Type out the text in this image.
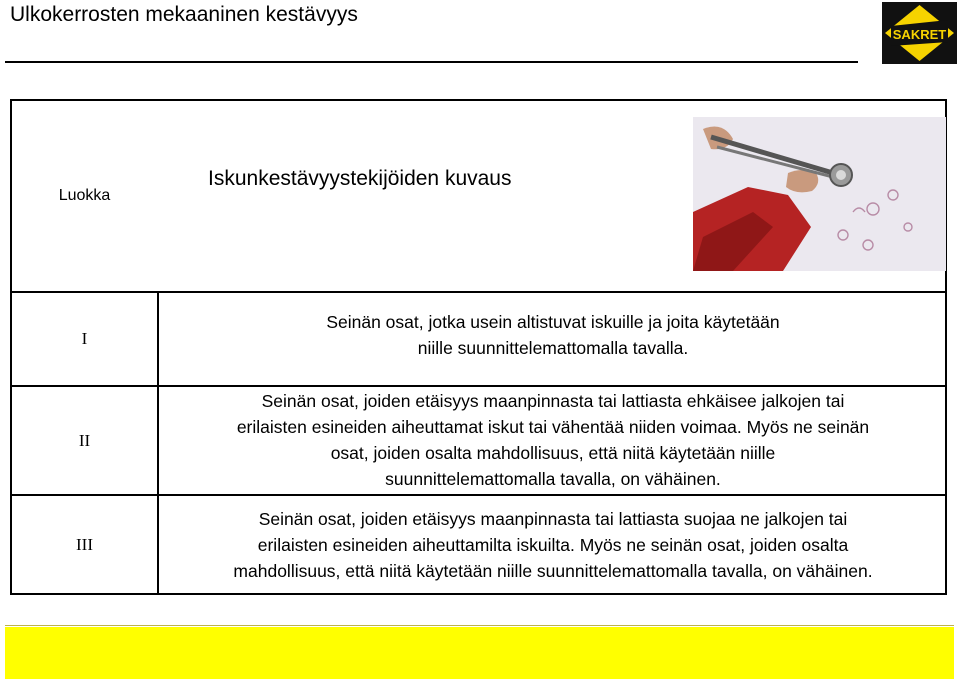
Ulkokerrosten mekaaninen kestävyys
SAKRET
Luokka
Iskunkestävyystekijöiden kuvaus
I
Seinän osat, jotka usein altistuvat iskuille ja joita käytetään
niille suunnittelemattomalla tavalla.
II
Seinän osat, joiden etäisyys maanpinnasta tai lattiasta ehkäisee jalkojen tai
erilaisten esineiden aiheuttamat iskut tai vähentää niiden voimaa. Myös ne seinän
osat, joiden osalta mahdollisuus, että niitä käytetään niille
suunnittelemattomalla tavalla, on vähäinen.
III
Seinän osat, joiden etäisyys maanpinnasta tai lattiasta suojaa ne jalkojen tai
erilaisten esineiden aiheuttamilta iskuilta. Myös ne seinän osat, joiden osalta
mahdollisuus, että niitä käytetään niille suunnittelemattomalla tavalla, on vähäinen.
